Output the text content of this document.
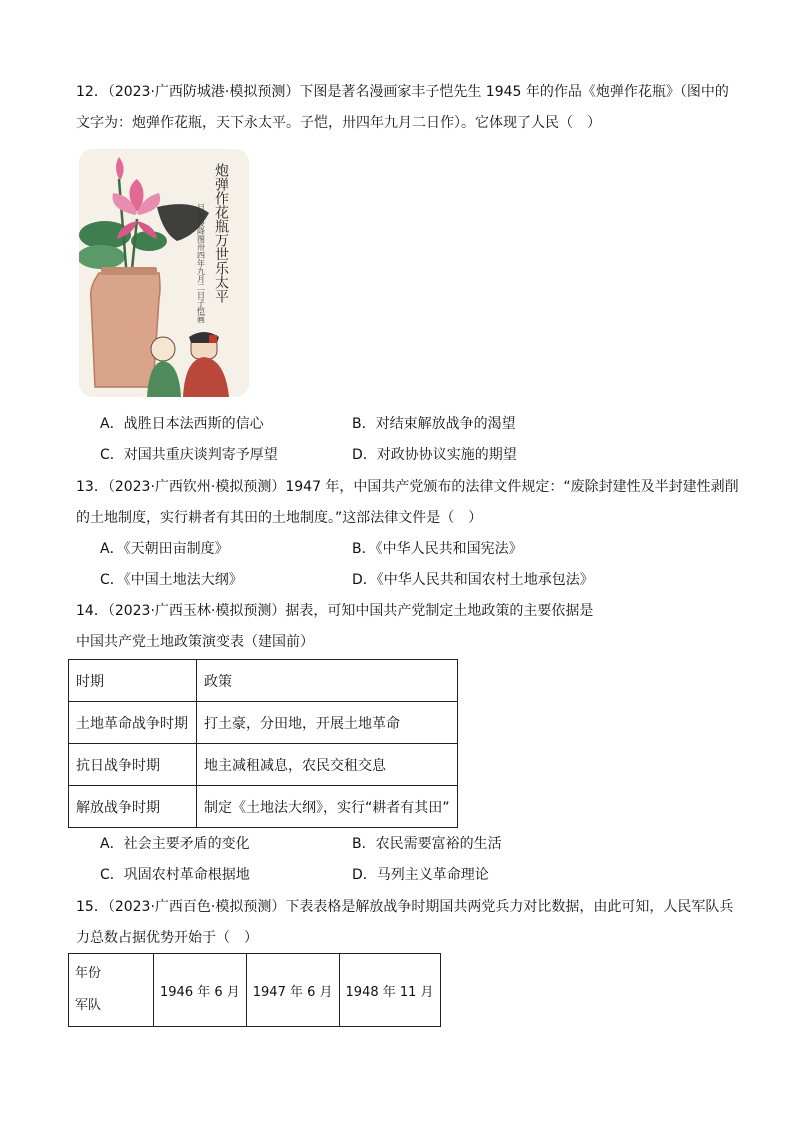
12．（2023·广西防城港·模拟预测）下图是著名漫画家丰子恺先生 1945 年的作品《炮弹作花瓶》（图中的
文字为：炮弹作花瓶，天下永太平。子恺，卅四年九月二日作）。它体现了人民（　）
炮弹作花瓶万世乐太平
日本投降图卅四年九月二日子恺画
A．战胜日本法西斯的信心	B．对结束解放战争的渴望
C．对国共重庆谈判寄予厚望	D．对政协协议实施的期望
13．（2023·广西钦州·模拟预测）1947 年，中国共产党颁布的法律文件规定：“废除封建性及半封建性剥削
的土地制度，实行耕者有其田的土地制度。”这部法律文件是（　）
A．《天朝田亩制度》	B．《中华人民共和国宪法》
C．《中国土地法大纲》	D．《中华人民共和国农村土地承包法》
14．（2023·广西玉林·模拟预测）据表，可知中国共产党制定土地政策的主要依据是
中国共产党土地政策演变表（建国前）
时期	政策
土地革命战争时期	打土豪，分田地，开展土地革命
抗日战争时期	地主减租减息，农民交租交息
解放战争时期	制定《土地法大纲》，实行“耕者有其田”
A．社会主要矛盾的变化	B．农民需要富裕的生活
C．巩固农村革命根据地	D．马列主义革命理论
15．（2023·广西百色·模拟预测）下表表格是解放战争时期国共两党兵力对比数据，由此可知，人民军队兵
力总数占据优势开始于（　）
年份
军队
	1946 年 6 月	1947 年 6 月	1948 年 11 月
